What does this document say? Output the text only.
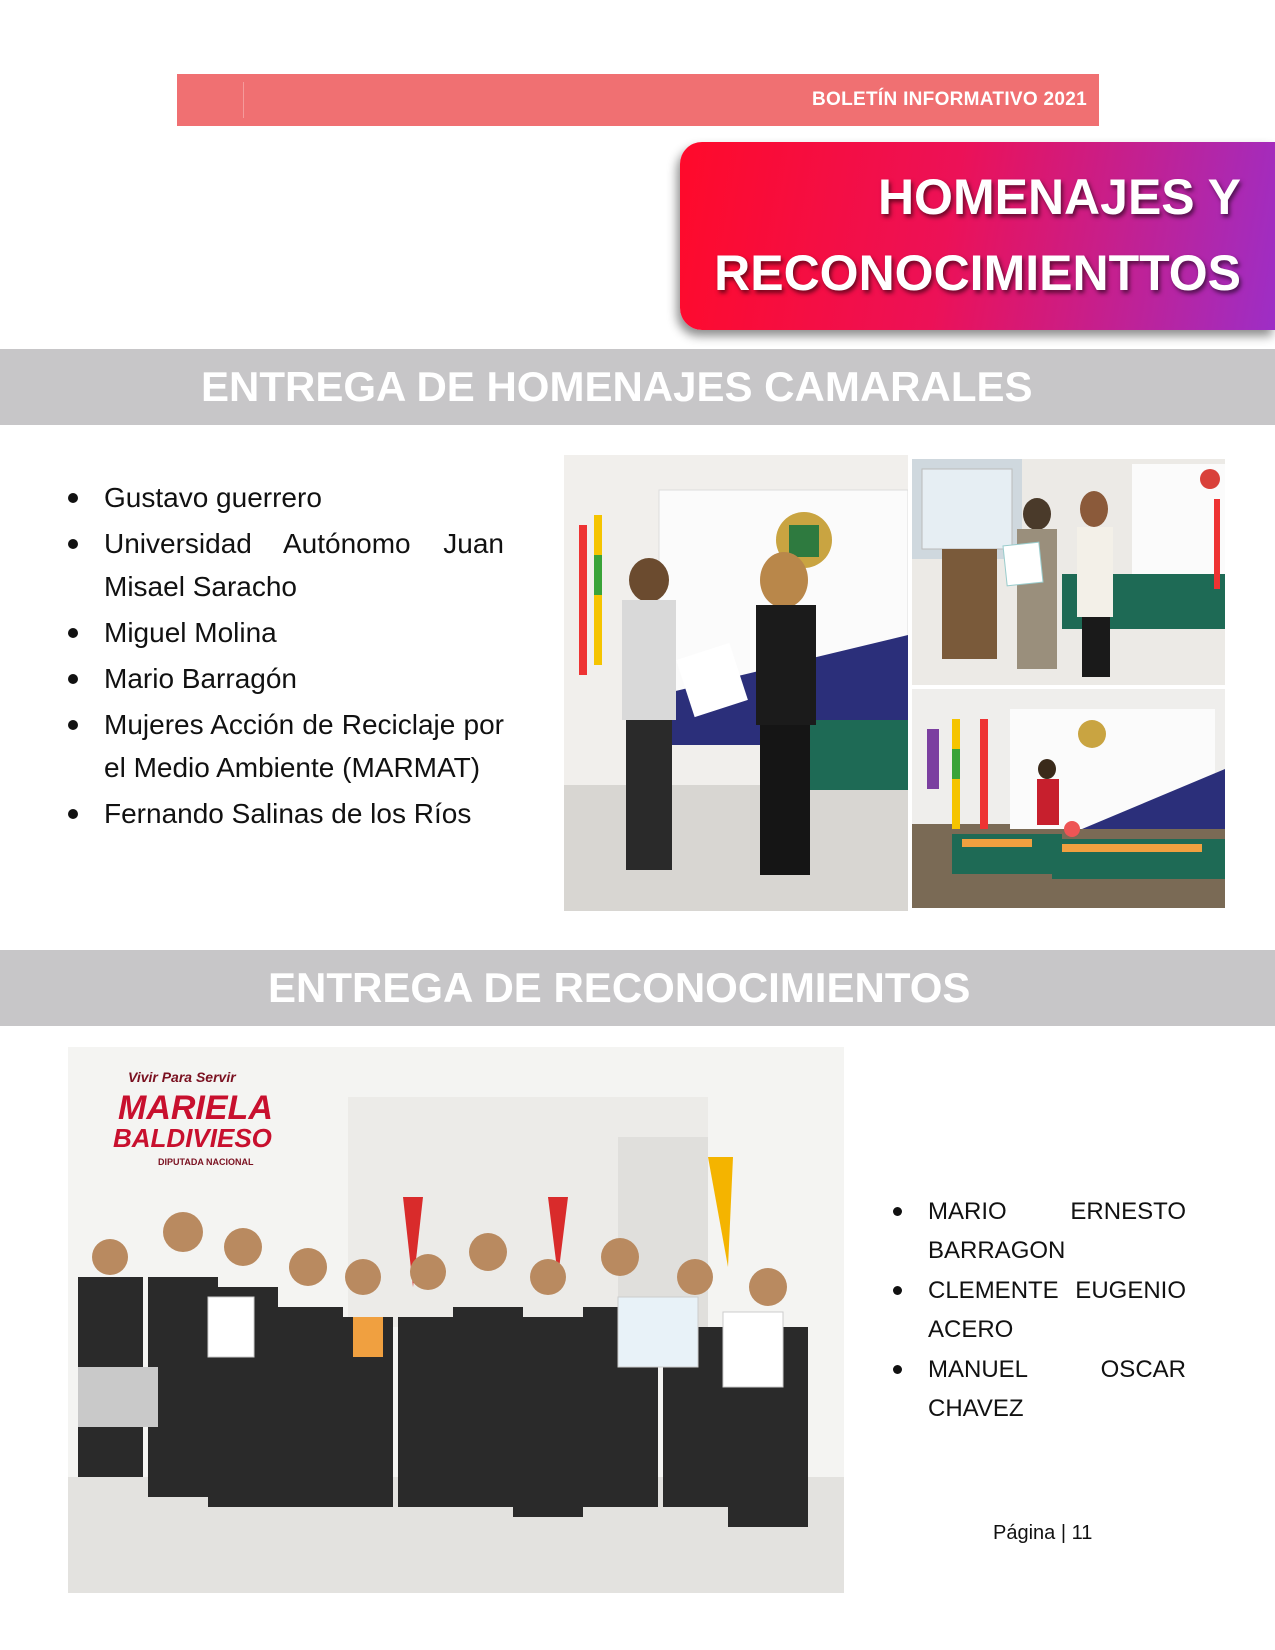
BOLETÍN INFORMATIVO 2021
HOMENAJES Y
RECONOCIMIENTTOS
ENTREGA DE HOMENAJES CAMARALES
Gustavo guerrero
Universidad Autónomo Juan Misael Saracho
Miguel Molina
Mario Barragón
Mujeres Acción de Reciclaje por el Medio Ambiente (MARMAT)
Fernando Salinas de los Ríos
ENTREGA DE RECONOCIMIENTOS
Vivir Para Servir
MARIELA
BALDIVIESO
DIPUTADA NACIONAL
MARIO ERNESTO BARRAGON
CLEMENTE EUGENIO ACERO
MANUEL OSCAR CHAVEZ
Página | 11
